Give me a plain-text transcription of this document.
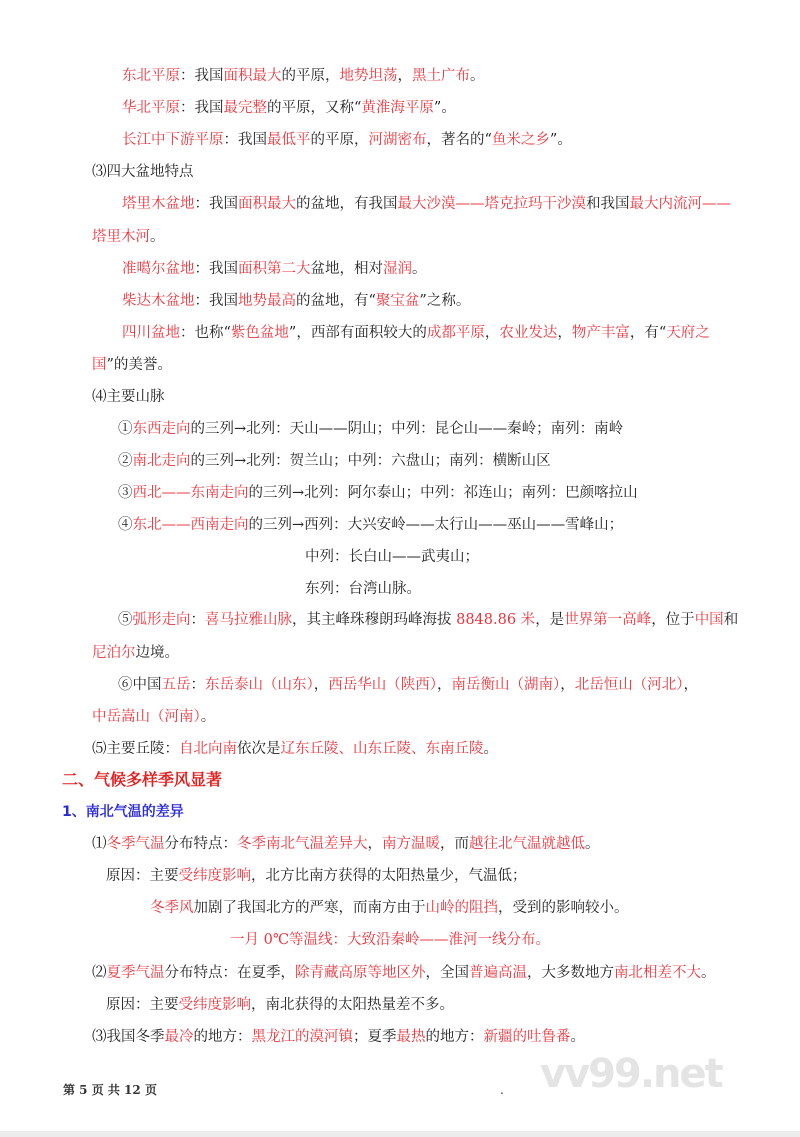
vv99.net
东北平原：我国面积最大的平原，地势坦荡，黑土广布。
华北平原：我国最完整的平原，又称“黄淮海平原”。
长江中下游平原：我国最低平的平原，河湖密布，著名的“鱼米之乡”。
⑶四大盆地特点
塔里木盆地：我国面积最大的盆地，有我国最大沙漠——塔克拉玛干沙漠和我国最大内流河——
塔里木河。
准噶尔盆地：我国面积第二大盆地，相对湿润。
柴达木盆地：我国地势最高的盆地，有“聚宝盆”之称。
四川盆地：也称“紫色盆地”，西部有面积较大的成都平原，农业发达，物产丰富，有“天府之
国”的美誉。
⑷主要山脉
①东西走向的三列→北列：天山——阴山；中列：昆仑山——秦岭；南列：南岭
②南北走向的三列→北列：贺兰山；中列：六盘山；南列：横断山区
③西北——东南走向的三列→北列：阿尔泰山；中列：祁连山；南列：巴颜喀拉山
④东北——西南走向的三列→西列：大兴安岭——太行山——巫山——雪峰山；
中列：长白山——武夷山；
东列：台湾山脉。
⑤弧形走向：喜马拉雅山脉，其主峰珠穆朗玛峰海拔 8848.86 米，是世界第一高峰，位于中国和
尼泊尔边境。
⑥中国五岳：东岳泰山（山东），西岳华山（陕西），南岳衡山（湖南），北岳恒山（河北），
中岳嵩山（河南）。
⑸主要丘陵：自北向南依次是辽东丘陵、山东丘陵、东南丘陵。
二、气候多样季风显著
1、南北气温的差异
⑴冬季气温分布特点：冬季南北气温差异大，南方温暖，而越往北气温就越低。
原因：主要受纬度影响，北方比南方获得的太阳热量少，气温低；
冬季风加剧了我国北方的严寒，而南方由于山岭的阻挡，受到的影响较小。
一月 0℃等温线：大致沿秦岭——淮河一线分布。
⑵夏季气温分布特点：在夏季，除青藏高原等地区外，全国普遍高温，大多数地方南北相差不大。
原因：主要受纬度影响，南北获得的太阳热量差不多。
⑶我国冬季最冷的地方：黑龙江的漠河镇；夏季最热的地方：新疆的吐鲁番。
第 5 页 共 12 页	.
